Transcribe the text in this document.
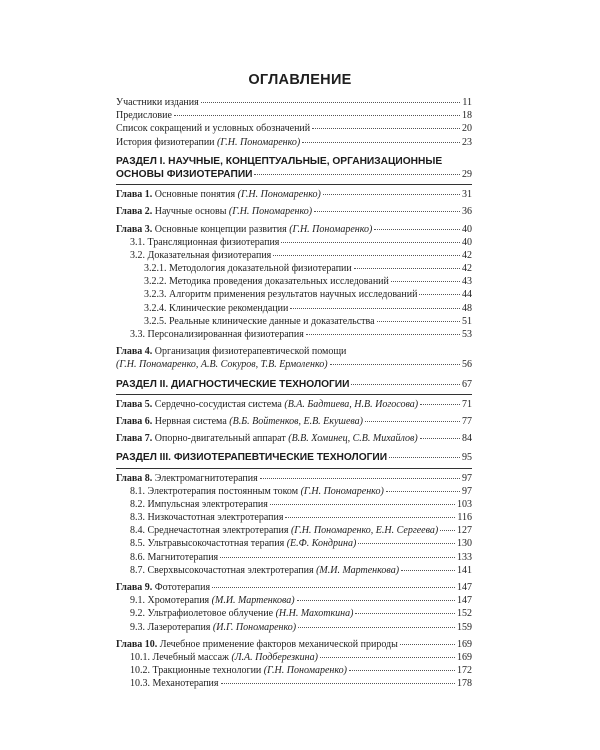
ОГЛАВЛЕНИЕ
Участники издания	11
Предисловие	18
Список сокращений и условных обозначений	20
История физиотерапии (Г.Н. Пономаренко)	23
РАЗДЕЛ I. НАУЧНЫЕ, КОНЦЕПТУАЛЬНЫЕ, ОРГАНИЗАЦИОННЫЕ
ОСНОВЫ ФИЗИОТЕРАПИИ	29
Глава 1. Основные понятия (Г.Н. Пономаренко)	31
Глава 2. Научные основы (Г.Н. Пономаренко)	36
Глава 3. Основные концепции развития (Г.Н. Пономаренко)	40
3.1. Трансляционная физиотерапия	40
3.2. Доказательная физиотерапия	42
3.2.1. Методология доказательной физиотерапии	42
3.2.2. Методика проведения доказательных исследований	43
3.2.3. Алгоритм применения результатов научных исследований	44
3.2.4. Клинические рекомендации	48
3.2.5. Реальные клинические данные и доказательства	51
3.3. Персонализированная физиотерапия	53
Глава 4. Организация физиотерапевтической помощи
(Г.Н. Пономаренко, А.В. Сокуров, Т.В. Ермоленко)	56
РАЗДЕЛ II. ДИАГНОСТИЧЕСКИЕ ТЕХНОЛОГИИ	67
Глава 5. Сердечно-сосудистая система (В.А. Бадтиева, Н.В. Иогосова)	71
Глава 6. Нервная система (В.Б. Войтенков, Е.В. Екушева)	77
Глава 7. Опорно-двигательный аппарат (В.В. Хоминец, С.В. Михайлов)	84
РАЗДЕЛ III. ФИЗИОТЕРАПЕВТИЧЕСКИЕ ТЕХНОЛОГИИ	95
Глава 8. Электромагнитотерапия	97
8.1. Электротерапия постоянным током (Г.Н. Пономаренко)	97
8.2. Импульсная электротерапия	103
8.3. Низкочастотная электротерапия	116
8.4. Среднечастотная электротерапия (Г.Н. Пономаренко, Е.Н. Сергеева) 127
8.5. Ультравысокочастотная терапия (Е.Ф. Кондрина)	130
8.6. Магнитотерапия	133
8.7. Сверхвысокочастотная электротерапия (М.И. Мартенкова)	141
Глава 9. Фототерапия	147
9.1. Хромотерапия (М.И. Мартенкова)	147
9.2. Ультрафиолетовое облучение (Н.Н. Махоткина)	152
9.3. Лазеротерапия (И.Г. Пономаренко)	159
Глава 10. Лечебное применение факторов механической природы	169
10.1. Лечебный массаж (Л.А. Подберезкина)	169
10.2. Тракционные технологии (Г.Н. Пономаренко)	172
10.3. Механотерапия	178
